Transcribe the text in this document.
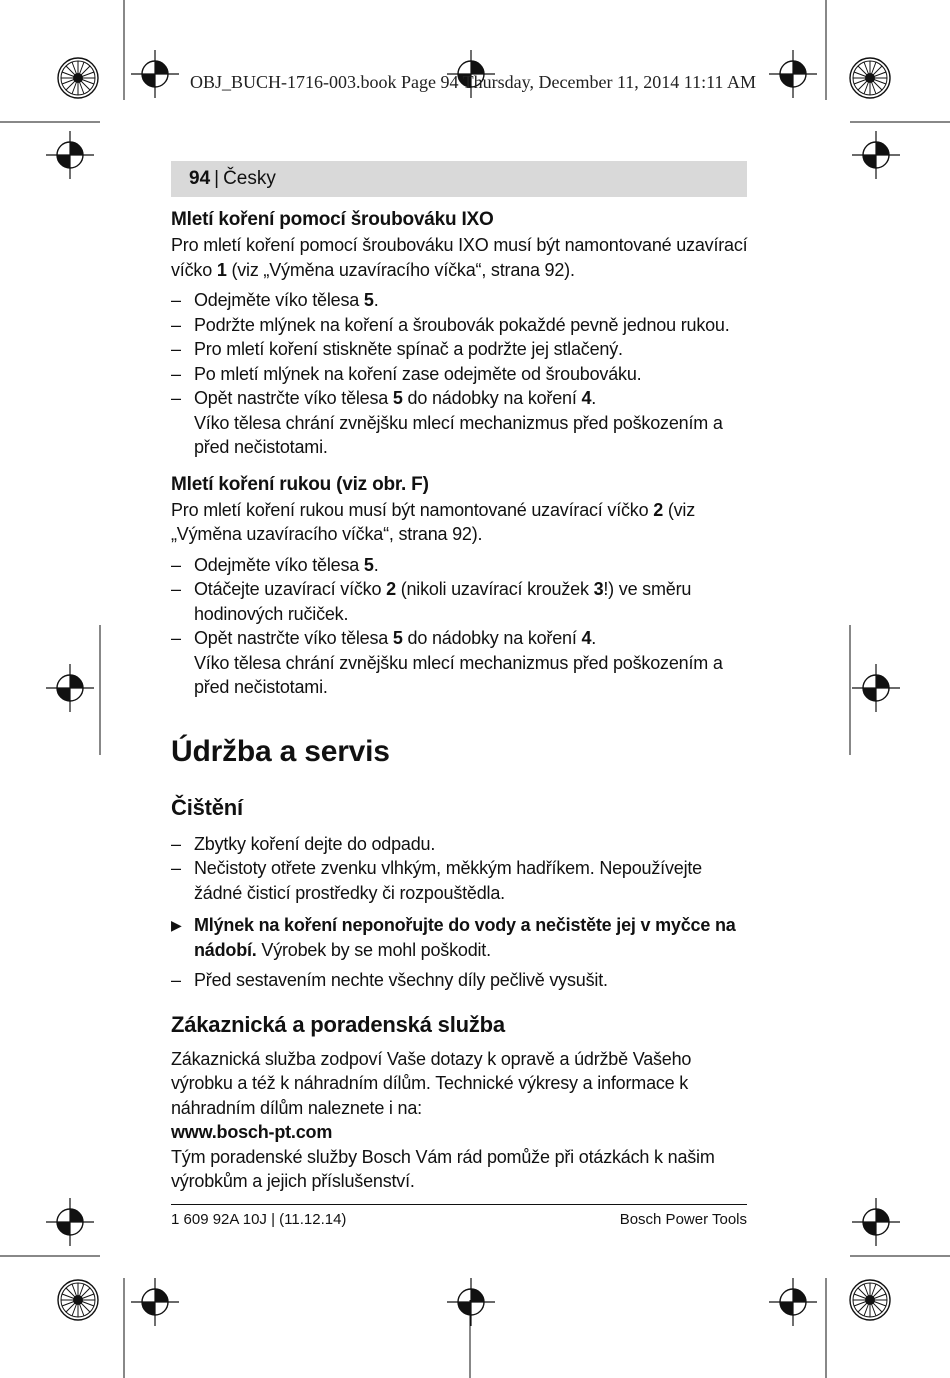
OBJ_BUCH-1716-003.book Page 94 Thursday, December 11, 2014 11:11 AM
94 | Česky
Mletí koření pomocí šroubováku IXO

Pro mletí koření pomocí šroubováku IXO musí být namontované uzavírací víčko 1 (viz „Výměna uzavíracího víčka“, strana 92).

– Odejměte víko tělesa 5.
– Podržte mlýnek na koření a šroubovák pokaždé pevně jednou rukou.
– Pro mletí koření stiskněte spínač a podržte jej stlačený.
– Po mletí mlýnek na koření zase odejměte od šroubováku.
– Opět nastrčte víko tělesa 5 do nádobky na koření 4.
Víko tělesa chrání zvnějšku mlecí mechanizmus před poškozením a před nečistotami.
Mletí koření rukou (viz obr. F)

Pro mletí koření rukou musí být namontované uzavírací víčko 2 (viz „Výměna uzavíracího víčka“, strana 92).

– Odejměte víko tělesa 5.
– Otáčejte uzavírací víčko 2 (nikoli uzavírací kroužek 3!) ve směru hodinových ručiček.
– Opět nastrčte víko tělesa 5 do nádobky na koření 4.
Víko tělesa chrání zvnějšku mlecí mechanizmus před poškozením a před nečistotami.
Údržba a servis
Čištění
– Zbytky koření dejte do odpadu.
– Nečistoty otřete zvenku vlhkým, měkkým hadříkem. Nepoužívejte žádné čisticí prostředky či rozpouštědla.
▶ Mlýnek na koření neponořujte do vody a nečistěte jej v myčce na nádobí. Výrobek by se mohl poškodit.
– Před sestavením nechte všechny díly pečlivě vysušit.
Zákaznická a poradenská služba

Zákaznická služba zodpoví Vaše dotazy k opravě a údržbě Vašeho výrobku a též k náhradním dílům. Technické výkresy a informace k náhradním dílům naleznete i na:

www.bosch-pt.com

Tým poradenské služby Bosch Vám rád pomůže při otázkách k našim výrobkům a jejich příslušenství.

1 609 92A 10J | (11.12.14)	Bosch Power Tools
